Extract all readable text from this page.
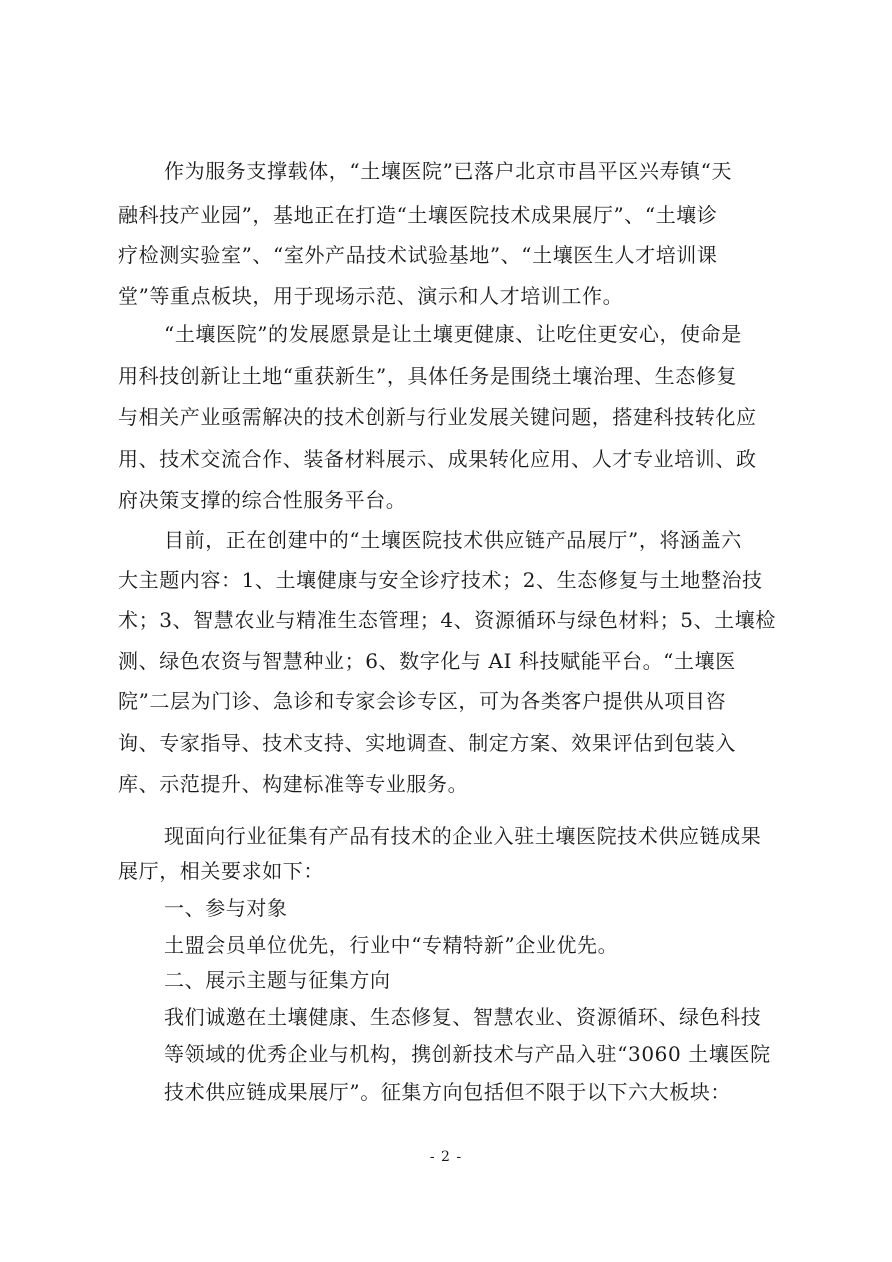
作为服务支撑载体，“土壤医院”已落户北京市昌平区兴寿镇“天
融科技产业园”，基地正在打造“土壤医院技术成果展厅”、“土壤诊
疗检测实验室”、“室外产品技术试验基地”、“土壤医生人才培训课
堂”等重点板块，用于现场示范、演示和人才培训工作。
“土壤医院”的发展愿景是让土壤更健康、让吃住更安心，使命是
用科技创新让土地“重获新生”，具体任务是围绕土壤治理、生态修复
与相关产业亟需解决的技术创新与行业发展关键问题，搭建科技转化应
用、技术交流合作、装备材料展示、成果转化应用、人才专业培训、政
府决策支撑的综合性服务平台。
目前，正在创建中的“土壤医院技术供应链产品展厅”，将涵盖六
大主题内容：1、土壤健康与安全诊疗技术；2、生态修复与土地整治技
术；3、智慧农业与精准生态管理；4、资源循环与绿色材料；5、土壤检
测、绿色农资与智慧种业；6、数字化与 AI 科技赋能平台。“土壤医
院”二层为门诊、急诊和专家会诊专区，可为各类客户提供从项目咨
询、专家指导、技术支持、实地调查、制定方案、效果评估到包装入
库、示范提升、构建标准等专业服务。
现面向行业征集有产品有技术的企业入驻土壤医院技术供应链成果
展厅，相关要求如下：
一、参与对象
土盟会员单位优先，行业中“专精特新”企业优先。
二、展示主题与征集方向
我们诚邀在土壤健康、生态修复、智慧农业、资源循环、绿色科技
等领域的优秀企业与机构，携创新技术与产品入驻“3060 土壤医院
技术供应链成果展厅”。征集方向包括但不限于以下六大板块：
- 2 -
